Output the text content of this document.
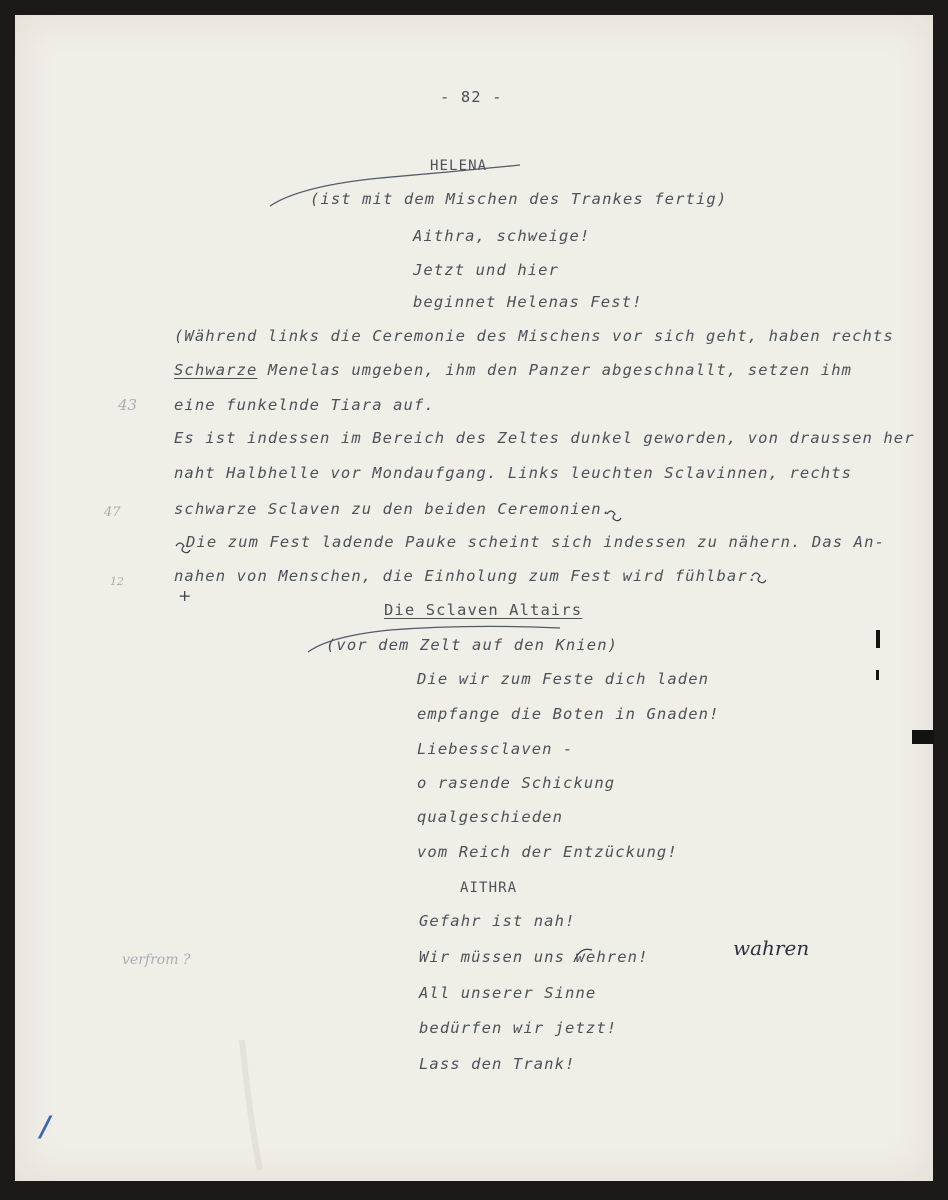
- 82 -
HELENA
(ist mit dem Mischen des Trankes fertig)
Aithra, schweige!
Jetzt und hier
beginnet Helenas Fest!
(Während links die Ceremonie des Mischens vor sich geht, haben rechts
Schwarze Menelas umgeben, ihm den Panzer abgeschnallt, setzen ihm
eine funkelnde Tiara auf.
Es ist indessen im Bereich des Zeltes dunkel geworden, von draussen her
naht Halbhelle vor Mondaufgang. Links leuchten Sclavinnen, rechts
schwarze Sclaven zu den beiden Ceremonien.
Die zum Fest ladende Pauke scheint sich indessen zu nähern. Das An-
nahen von Menschen, die Einholung zum Fest wird fühlbar.
Die Sclaven Altairs
(vor dem Zelt auf den Knien)
Die wir zum Feste dich laden
empfange die Boten in Gnaden!
Liebessclaven -
o rasende Schickung
qualgeschieden
vom Reich der Entzückung!
AITHRA
Gefahr ist nah!
Wir müssen uns wehren!
All unserer Sinne
bedürfen wir jetzt!
Lass den Trank!
43
47
12
+
wahren
verfrom ?
/
